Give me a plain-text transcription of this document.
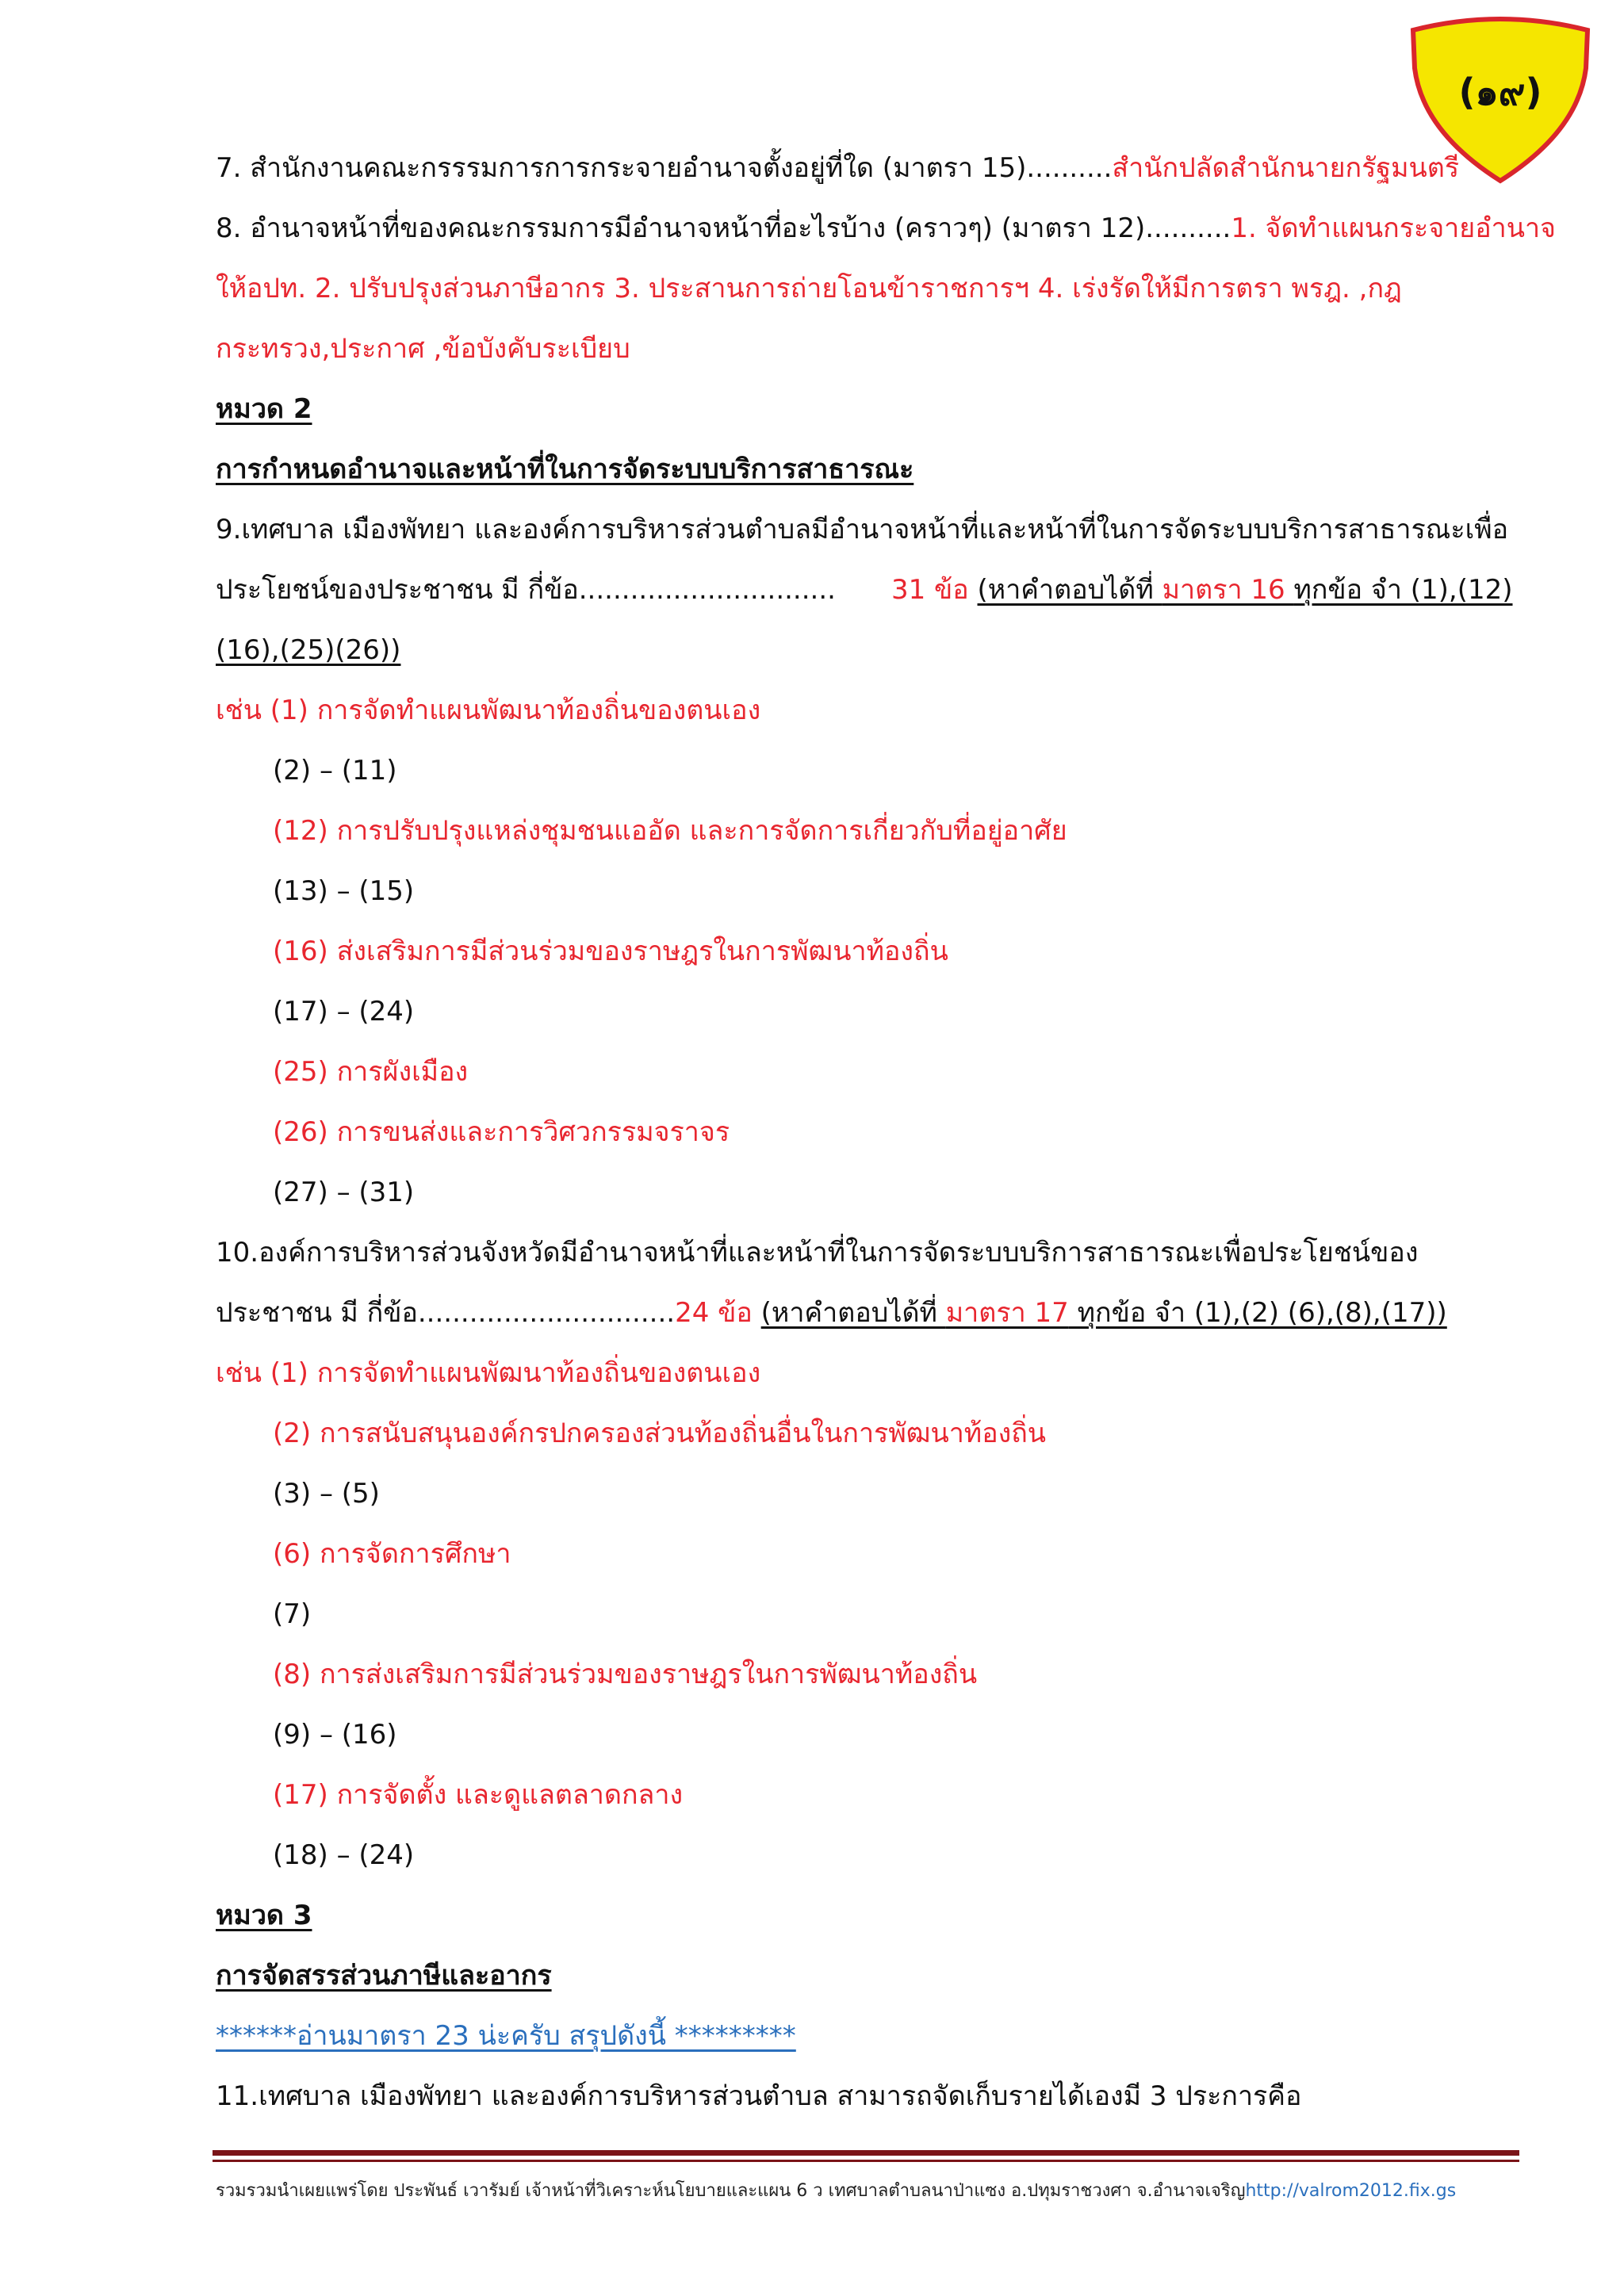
(๑๙)
7. สำนักงานคณะกรรรมการการกระจายอำนาจตั้งอยู่ที่ใด (มาตรา 15)..........สำนักปลัดสำนักนายกรัฐมนตรี
8. อำนาจหน้าที่ของคณะกรรมการมีอำนาจหน้าที่อะไรบ้าง (คราวๆ) (มาตรา 12)..........1. จัดทำแผนกระจายอำนาจ
ให้อปท. 2. ปรับปรุงส่วนภาษีอากร 3. ประสานการถ่ายโอนข้าราชการฯ 4. เร่งรัดให้มีการตรา พรฎ. ,กฎ
กระทรวง,ประกาศ ,ข้อบังคับระเบียบ
หมวด 2
การกำหนดอำนาจและหน้าที่ในการจัดระบบบริการสาธารณะ
9.เทศบาล เมืองพัทยา และองค์การบริหารส่วนตำบลมีอำนาจหน้าที่และหน้าที่ในการจัดระบบบริการสาธารณะเพื่อ
ประโยชน์ของประชาชน มี กี่ข้อ.............................. 31 ข้อ (หาคำตอบได้ที่ มาตรา 16 ทุกข้อ จำ (1),(12)
(16),(25)(26))
เช่น (1) การจัดทำแผนพัฒนาท้องถิ่นของตนเอง
(2) – (11)
(12) การปรับปรุงแหล่งชุมชนแออัด และการจัดการเกี่ยวกับที่อยู่อาศัย
(13) – (15)
(16) ส่งเสริมการมีส่วนร่วมของราษฎรในการพัฒนาท้องถิ่น
(17) – (24)
(25) การผังเมือง
(26) การขนส่งและการวิศวกรรมจราจร
(27) – (31)
10.องค์การบริหารส่วนจังหวัดมีอำนาจหน้าที่และหน้าที่ในการจัดระบบบริการสาธารณะเพื่อประโยชน์ของ
ประชาชน มี กี่ข้อ..............................24 ข้อ (หาคำตอบได้ที่ มาตรา 17 ทุกข้อ จำ (1),(2) (6),(8),(17))
เช่น (1) การจัดทำแผนพัฒนาท้องถิ่นของตนเอง
(2) การสนับสนุนองค์กรปกครองส่วนท้องถิ่นอื่นในการพัฒนาท้องถิ่น
(3) – (5)
(6) การจัดการศึกษา
(7)
(8) การส่งเสริมการมีส่วนร่วมของราษฎรในการพัฒนาท้องถิ่น
(9) – (16)
(17) การจัดตั้ง และดูแลตลาดกลาง
(18) – (24)
หมวด 3
การจัดสรรส่วนภาษีและอากร
******อ่านมาตรา 23 น่ะครับ สรุปดังนี้ *********
11.เทศบาล เมืองพัทยา และองค์การบริหารส่วนตำบล สามารถจัดเก็บรายได้เองมี 3 ประการคือ
รวมรวมนำเผยแพร่โดย ประพันธ์ เวารัมย์ เจ้าหน้าที่วิเคราะห์นโยบายและแผน 6 ว เทศบาลตำบลนาป่าแซง อ.ปทุมราชวงศา จ.อำนาจเจริญhttp://valrom2012.fix.gs
